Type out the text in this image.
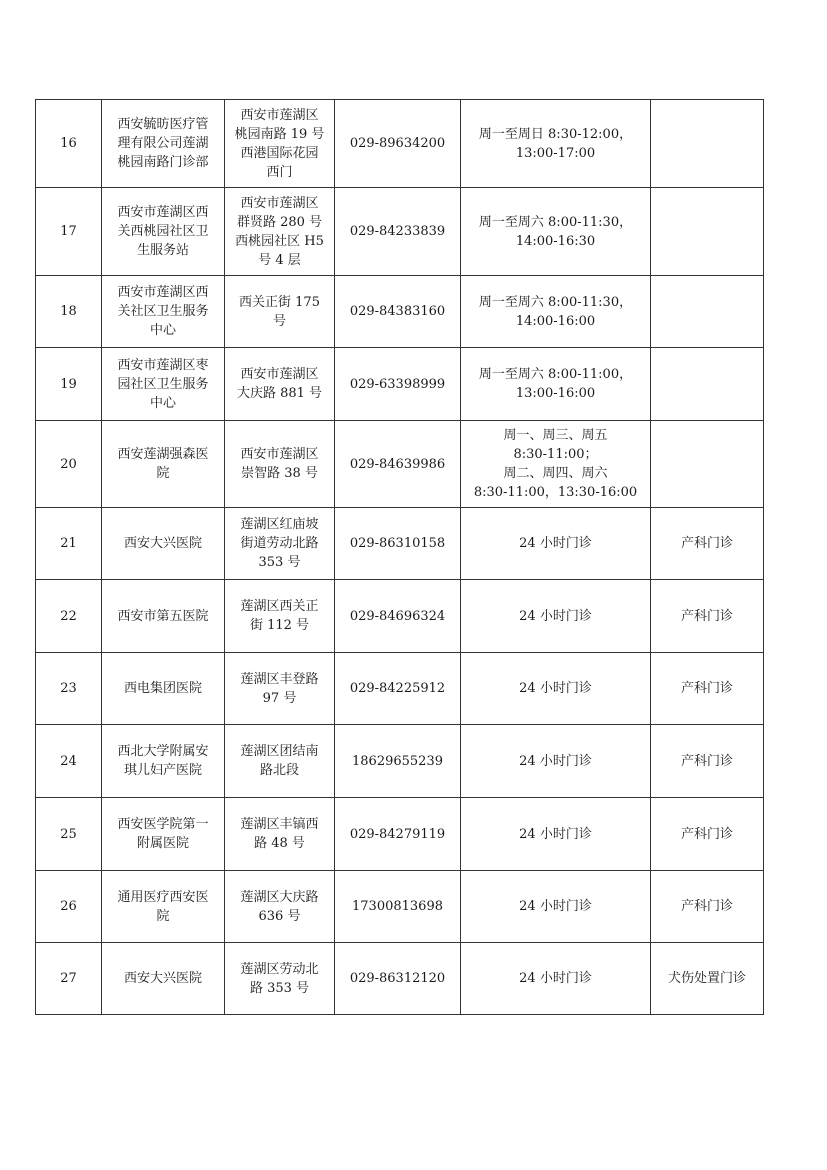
16	西安毓昉医疗管
理有限公司莲湖
桃园南路门诊部	西安市莲湖区
桃园南路 19 号
西港国际花园
西门	029-89634200	周一至周日 8:30-12:00，
13:00-17:00	

17	西安市莲湖区西
关西桃园社区卫
生服务站	西安市莲湖区
群贤路 280 号
西桃园社区 H5
号 4 层	029-84233839	周一至周六 8:00-11:30，
14:00-16:30	

18	西安市莲湖区西
关社区卫生服务
中心	西关正街 175
号	029-84383160	周一至周六 8:00-11:30，
14:00-16:00	

19	西安市莲湖区枣
园社区卫生服务
中心	西安市莲湖区
大庆路 881 号	029-63398999	周一至周六 8:00-11:00，
13:00-16:00	

20	西安莲湖强森医
院	西安市莲湖区
崇智路 38 号	029-84639986	周一、周三、周五
8:30-11:00；
周二、周四、周六
8:30-11:00，13:30-16:00	

21	西安大兴医院	莲湖区红庙坡
街道劳动北路
353 号	029-86310158	24 小时门诊	产科门诊
22	西安市第五医院	莲湖区西关正
街 112 号	029-84696324	24 小时门诊	产科门诊
23	西电集团医院	莲湖区丰登路
97 号	029-84225912	24 小时门诊	产科门诊
24	西北大学附属安
琪儿妇产医院	莲湖区团结南
路北段	18629655239	24 小时门诊	产科门诊
25	西安医学院第一
附属医院	莲湖区丰镐西
路 48 号	029-84279119	24 小时门诊	产科门诊
26	通用医疗西安医
院	莲湖区大庆路
636 号	17300813698	24 小时门诊	产科门诊
27	西安大兴医院	莲湖区劳动北
路 353 号	029-86312120	24 小时门诊	犬伤处置门诊
